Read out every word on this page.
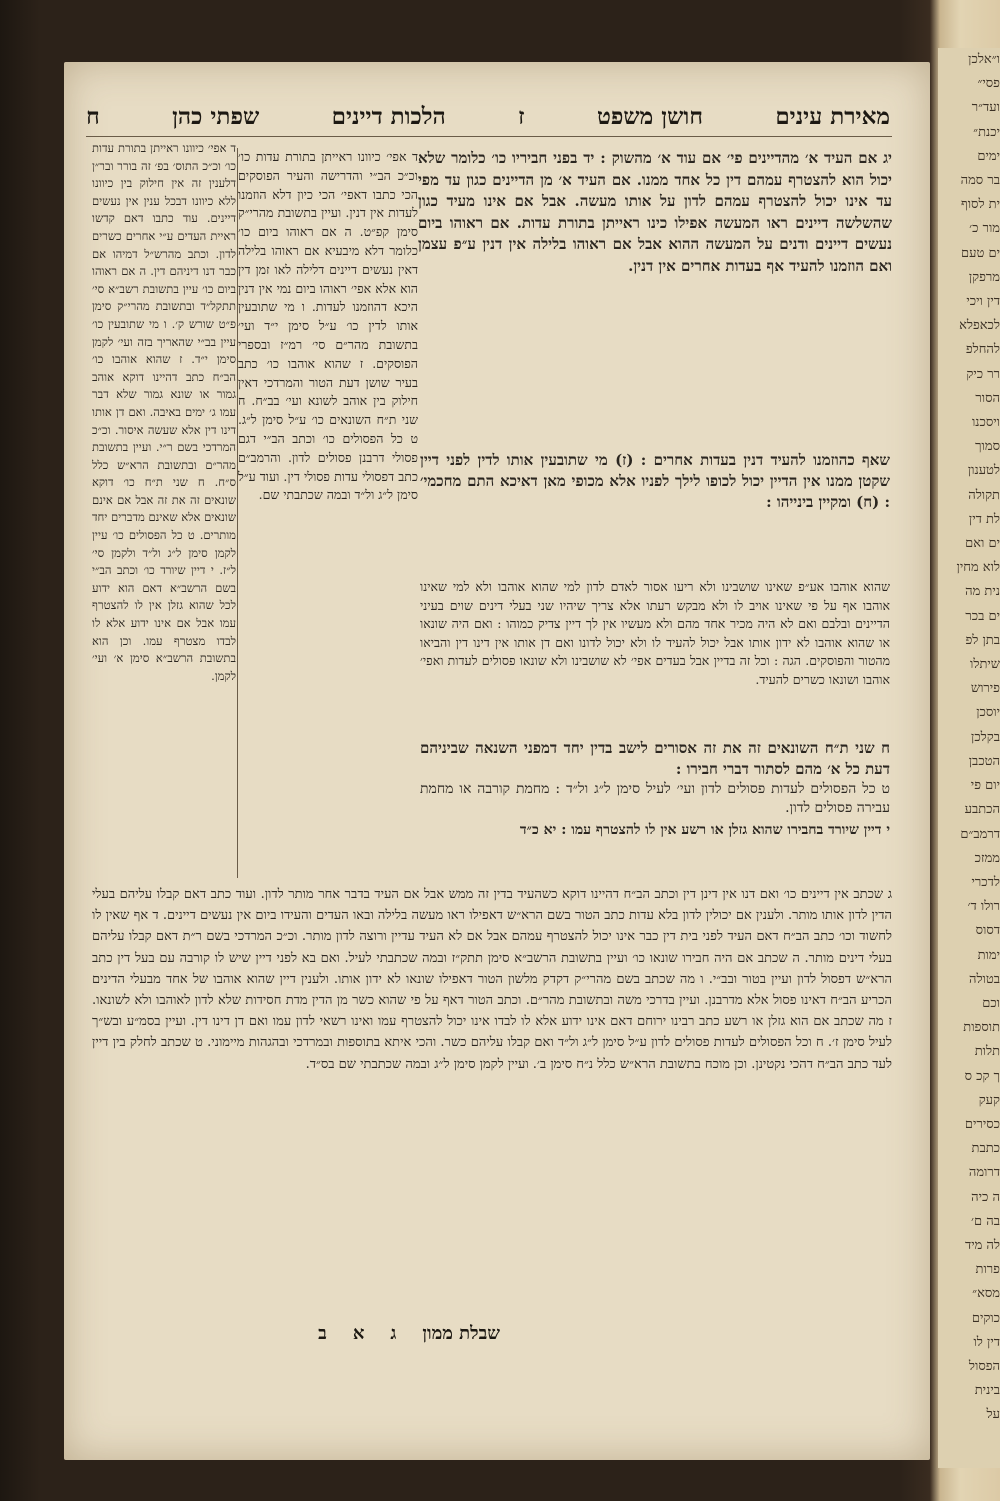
ו״אלכן
פסי״
ועד״ר
יכנת״
ימים
בר סמה
ית לסוף
מור כ׳
ים טעם
מרפקן
דין ויכי
לכאפלא
להחלפ
רר כיק
הסור
ויסכנו
סמוך
לטענון
תקולה
לת דין
ים ואם
לוא מחין
נית מה
ים בכר
בתן לפ
שיתלו
פירוש
יוסכן
בקלכן
הטכבן
יום פי
הכתבע
דרמב״ם
ממזכ
לדכרי
רולו ד׳
דסוס
ימות
בטולה
וכם
תוספות
תלות
ך קכ ס
קעק
כסירים
כתבת
דרומה
ה כיה
בה ם׳
לה מיד
פרות
מסא״
כוקים
דין לו
הפסול
בינית
על
מאירת עינים
חושן משפט
ז
הלכות דיינים
שפתי כהן
ח

יג אם העיד א׳ מהדיינים פי׳ אם עוד א׳ מהשוק : יד בפני חביריו כו׳ כלומר שלא יכול הוא להצטרף עמהם דין כל אחד ממנו. אם העיד א׳ מן הדיינים כגון עד מפי עד אינו יכול להצטרף עמהם לדון על אותו מעשה. אבל אם אינו מעיד כגון שהשלשה דיינים ראו המעשה אפילו כינו ראייתן בתורת עדות. אם ראוהו ביום נעשים דיינים ודנים על המעשה ההוא אבל אם ראוהו בלילה אין דנין ע״פ עצמן ואם הוזמנו להעיד אף בעדות אחרים אין דנין.

שאף כהוזמנו להעיד דנין בעדות אחרים : (ז) מי שתובעין אותו לדין לפני דיין שקטן ממנו אין הדיין יכול לכופו לילך לפניו אלא מכופי מאן דאיכא התם מחכמי׳ : (ח) ומקיין בינייהו :

שהוא אוהבו אע״פ שאינו שושבינו ולא ריעו אסור לאדם לדון למי שהוא אוהבו ולא למי שאינו אוהבו אף על פי שאינו אויב לו ולא מבקש רעתו אלא צריך שיהיו שני בעלי דינים שוים בעיני הדיינים ובלבם ואם לא היה מכיר אחד מהם ולא מעשיו אין לך דיין צדיק כמוהו : ואם היה שונאו או שהוא אוהבו לא ידון אותו אבל יכול להעיד לו ולא יכול לדונו ואם דן אותו אין דינו דין והביאו מהטור והפוסקים. הגה : וכל זה בדיין אבל בעדים אפי׳ לא שושבינו ולא שונאו פסולים לעדות ואפי׳ אוהבו ושונאו כשרים להעיד.

ח שני ת״ח השונאים זה את זה אסורים לישב בדין יחד דמפני השנאה שביניהם דעת כל א׳ מהם לסתור דברי חבירו :

ט כל הפסולים לעדות פסולים לדון ועי׳ לעיל סימן ל״ג ול״ד : מחמת קורבה או מחמת עבירה פסולים לדון.

י דיין שיורד בחבירו שהוא גזלן או רשע אין לו להצטרף עמו : יא כ״ד

ד אפי׳ כיוונו ראייתן בתורת עדות כו׳ וכ״כ הב״י והדרישה והעיר הפוסקים הכי כתבו דאפי׳ הכי כיון דלא הוזמנו לעדות אין דנין. ועיין בתשובת מהרי״ק סימן קפ״ט. ה אם ראוהו ביום כו׳ כלומר דלא מיבעיא אם ראוהו בלילה דאין נעשים דיינים דלילה לאו זמן דין הוא אלא אפי׳ ראוהו ביום נמי אין דנין היכא דהוזמנו לעדות. ו מי שתובעין אותו לדין כו׳ ע״ל סימן י״ד ועי׳ בתשובת מהר״ם סי׳ רמ״ז ובספרי הפוסקים. ז שהוא אוהבו כו׳ כתב בעיר שושן דעת הטור והמרדכי דאין חילוק בין אוהב לשונא ועי׳ בב״ח. ח שני ת״ח השונאים כו׳ ע״ל סימן ל״ג. ט כל הפסולים כו׳ וכתב הב״י דגם פסולי דרבנן פסולים לדון. והרמב״ם כתב דפסולי עדות פסולי דין. ועוד ע״ל סימן ל״ג ול״ד ובמה שכתבתי שם.

ד אפי׳ כיוונו ראייתן בתורת עדות כו׳ וכ״כ התוס׳ בפ׳ זה בורר ובר״ן דלענין זה אין חילוק בין כיוונו ללא כיוונו דבכל ענין אין נעשים דיינים. עוד כתבו דאם קדשו ראיית העדים ע״י אחרים כשרים לדון. וכתב מהרש״ל דמיהו אם כבר דנו דיניהם דין. ה אם ראוהו ביום כו׳ עיין בתשובת רשב״א סי׳ תתקל״ד ובתשובת מהרי״ק סימן פ״ט שורש ק׳. ו מי שתובעין כו׳ עיין בב״י שהאריך בזה ועי׳ לקמן סימן י״ד. ז שהוא אוהבו כו׳ הב״ח כתב דהיינו דוקא אוהב גמור או שונא גמור שלא דבר עמו ג׳ ימים באיבה. ואם דן אותו דינו דין אלא שעשה איסור. וכ״כ המרדכי בשם ר״י. ועיין בתשובת מהר״ם ובתשובת הרא״ש כלל ס״ח. ח שני ת״ח כו׳ דוקא שונאים זה את זה אבל אם אינם שונאים אלא שאינם מדברים יחד מותרים. ט כל הפסולים כו׳ עיין לקמן סימן ל״ג ול״ד ולקמן סי׳ ל״ז. י דיין שיורד כו׳ וכתב הב״י בשם הרשב״א דאם הוא ידוע לכל שהוא גזלן אין לו להצטרף עמו אבל אם אינו ידוע אלא לו לבדו מצטרף עמו. וכן הוא בתשובת הרשב״א סימן א׳ ועי׳ לקמן.

ג שכתב אין דיינים כו׳ ואם דנו אין דינן דין וכתב הב״ח דהיינו דוקא כשהעיד בדין זה ממש אבל אם העיד בדבר אחר מותר לדון. ועוד כתב דאם קבלו עליהם בעלי הדין לדון אותו מותר. ולענין אם יכולין לדון בלא עדות כתב הטור בשם הרא״ש דאפילו ראו מעשה בלילה ובאו העדים והעידו ביום אין נעשים דיינים. ד אף שאין לו לחשוד וכו׳ כתב הב״ח דאם העיד לפני בית דין כבר אינו יכול להצטרף עמהם אבל אם לא העיד עדיין ורוצה לדון מותר. וכ״כ המרדכי בשם ר״ת דאם קבלו עליהם בעלי דינים מותר. ה שכתב אם היה חבירו שונאו כו׳ ועיין בתשובת הרשב״א סימן תתק״ז ובמה שכתבתי לעיל. ואם בא לפני דיין שיש לו קורבה עם בעל דין כתב הרא״ש דפסול לדון ועיין בטור ובב״י. ו מה שכתב בשם מהרי״ק דקדק מלשון הטור דאפילו שונאו לא ידון אותו. ולענין דיין שהוא אוהבו של אחד מבעלי הדינים הכריע הב״ח דאינו פסול אלא מדרבנן. ועיין בדרכי משה ובתשובת מהר״ם. וכתב הטור דאף על פי שהוא כשר מן הדין מדת חסידות שלא לדון לאוהבו ולא לשונאו. ז מה שכתב אם הוא גזלן או רשע כתב רבינו ירוחם דאם אינו ידוע אלא לו לבדו אינו יכול להצטרף עמו ואינו רשאי לדון עמו ואם דן דינו דין. ועיין בסמ״ע ובש״ך לעיל סימן ז׳. ח וכל הפסולים לעדות פסולים לדון ע״ל סימן ל״ג ול״ד ואם קבלו עליהם כשר. והכי איתא בתוספות ובמרדכי ובהגהות מיימוני. ט שכתב לחלק בין דיין לעד כתב הב״ח דהכי נקטינן. וכן מוכח בתשובת הרא״ש כלל נ״ח סימן ב׳. ועיין לקמן סימן ל״ג ובמה שכתבתי שם בס״ד.

שבלת ממון
ג
א
ב
